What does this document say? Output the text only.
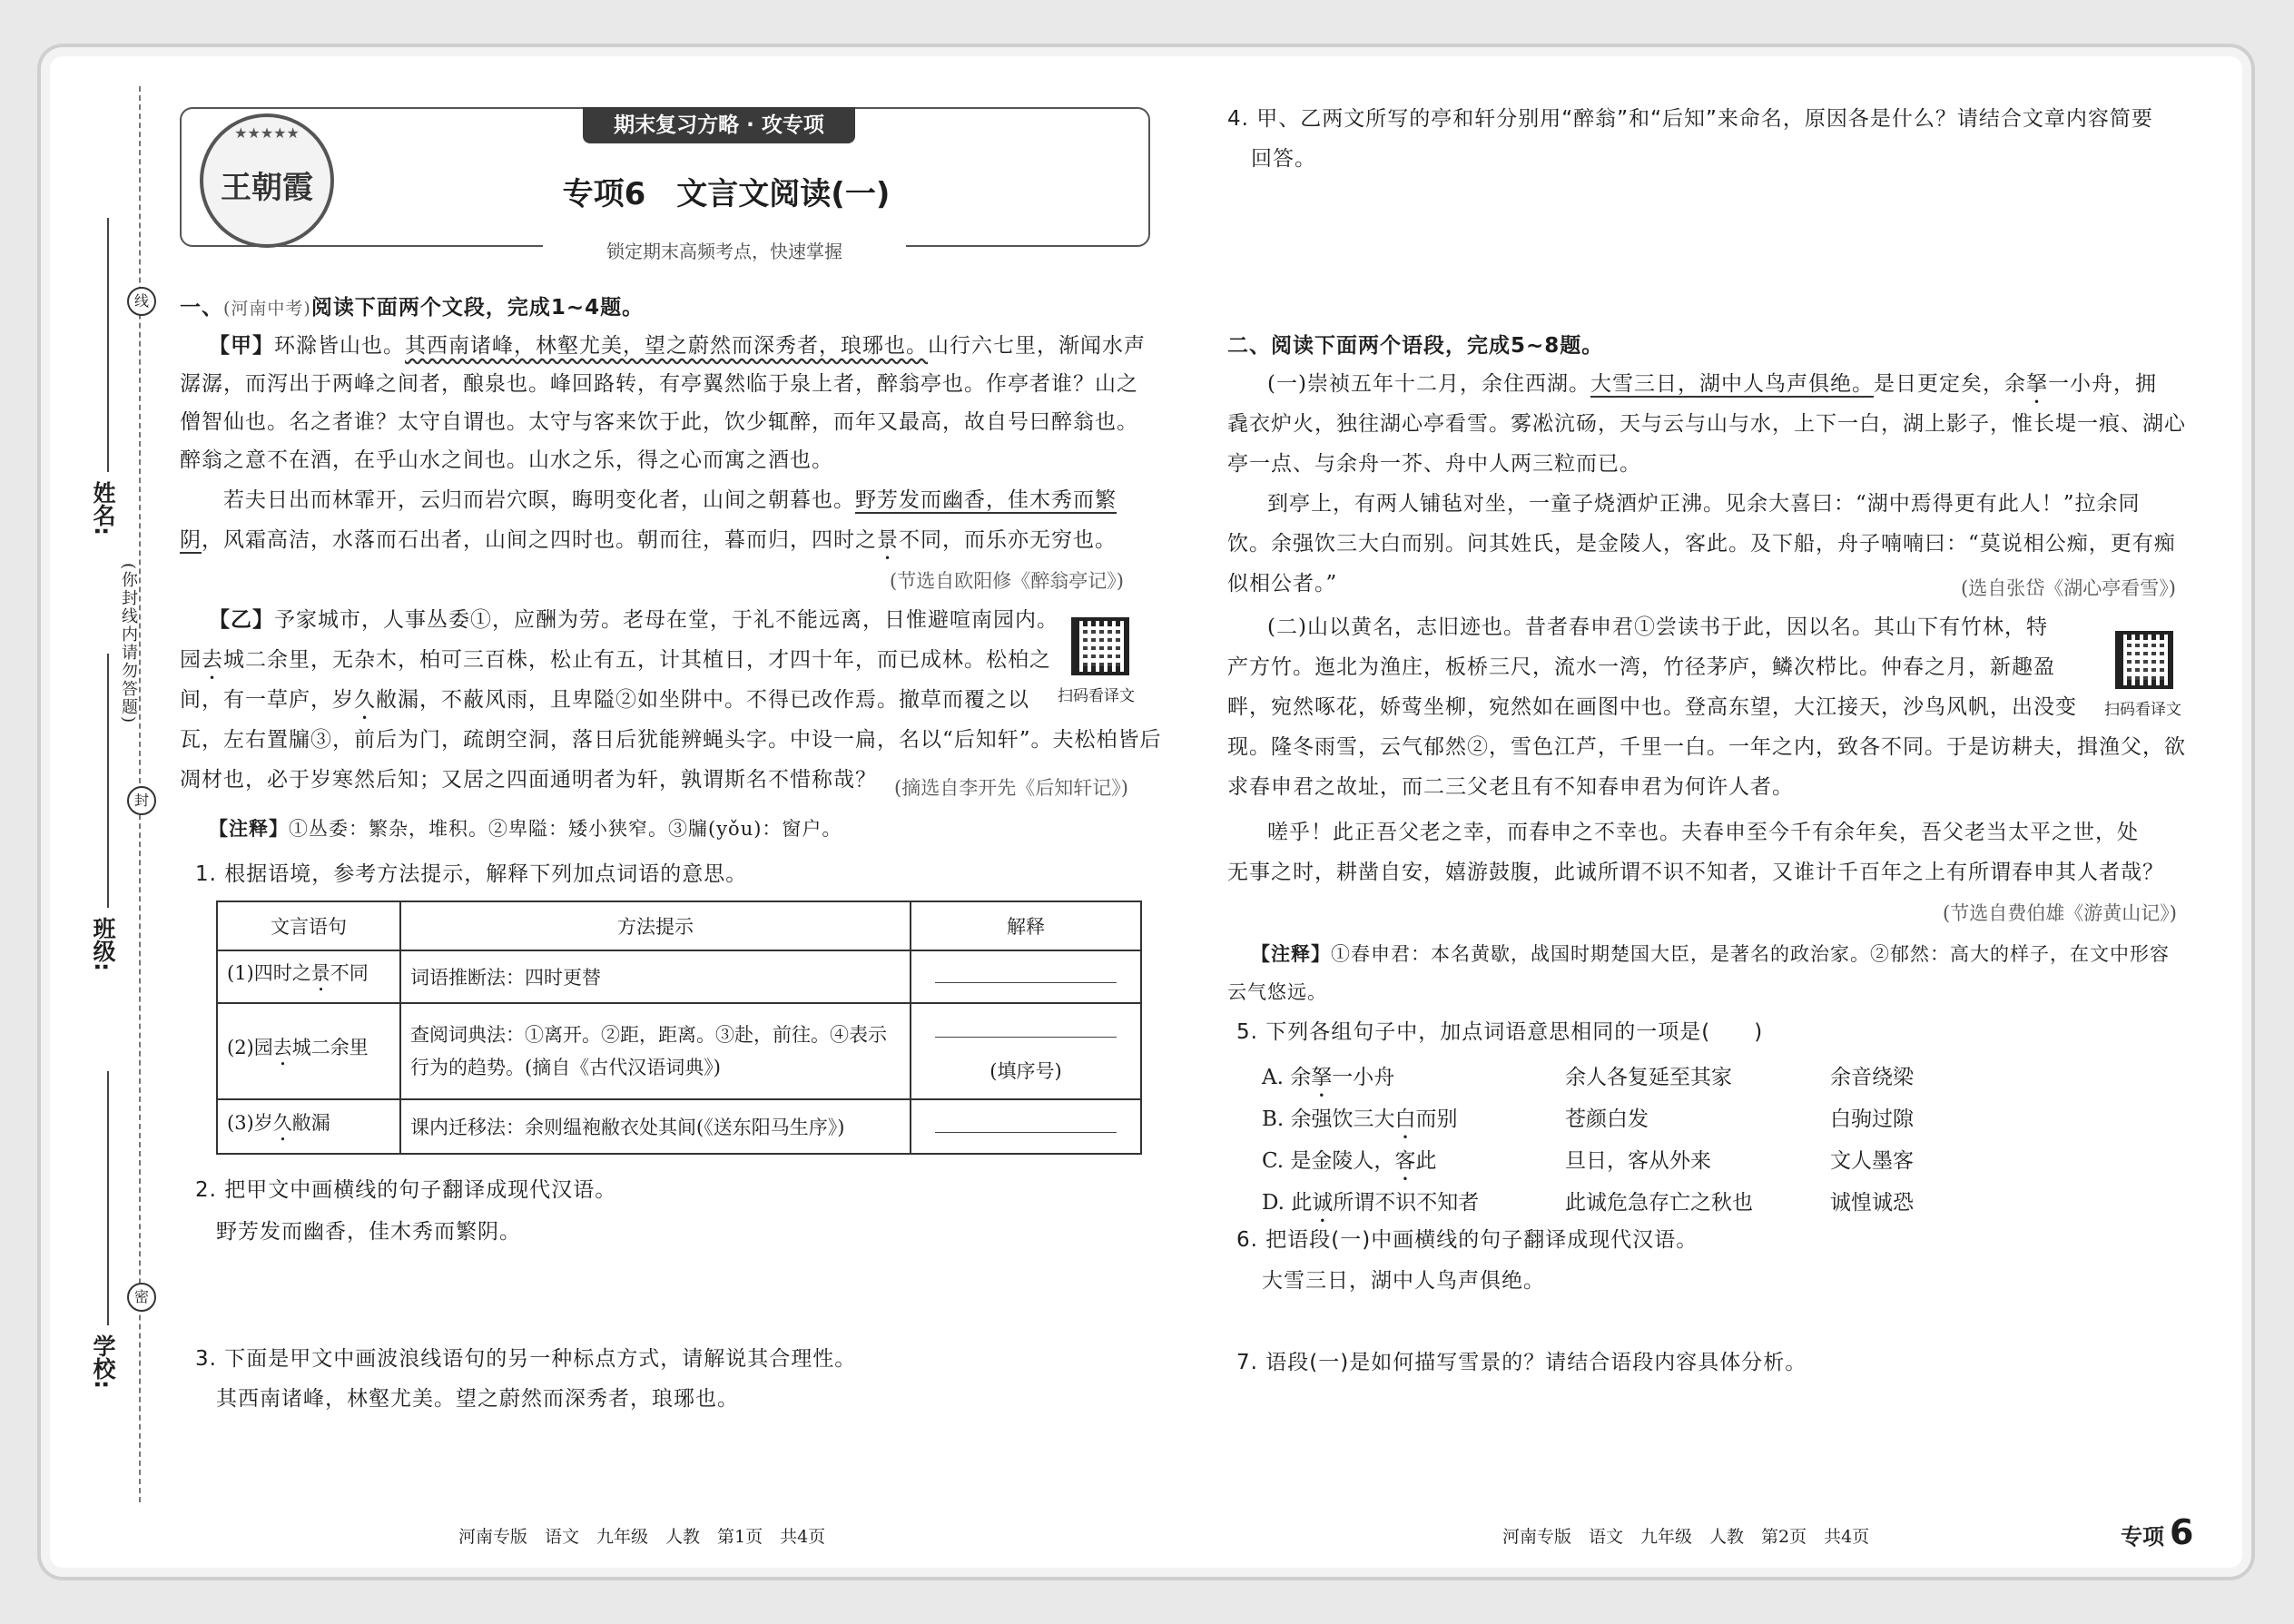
姓名:
班级:
学校:
线
封
密
(你封线内请勿答题)
期末复习方略 · 攻专项
★★★★★
王朝霞	专项6　文言文阅读(一)
锁定期末高频考点，快速掌握
一、(河南中考)阅读下面两个文段，完成1~4题。
【甲】环滁皆山也。其西南诸峰，林壑尤美，望之蔚然而深秀者，琅琊也。山行六七里，渐闻水声
潺潺，而泻出于两峰之间者，酿泉也。峰回路转，有亭翼然临于泉上者，醉翁亭也。作亭者谁？山之
僧智仙也。名之者谁？太守自谓也。太守与客来饮于此，饮少辄醉，而年又最高，故自号曰醉翁也。
醉翁之意不在酒，在乎山水之间也。山水之乐，得之心而寓之酒也。
若夫日出而林霏开，云归而岩穴暝，晦明变化者，山间之朝暮也。野芳发而幽香，佳木秀而繁
阴，风霜高洁，水落而石出者，山间之四时也。朝而往，暮而归，四时之景不同，而乐亦无穷也。
(节选自欧阳修《醉翁亭记》)
【乙】予家城市，人事丛委①，应酬为劳。老母在堂，于礼不能远离，日惟避喧南园内。
园去城二余里，无杂木，柏可三百株，松止有五，计其植日，才四十年，而已成林。松柏之
间，有一草庐，岁久敝漏，不蔽风雨，且卑隘②如坐阱中。不得已改作焉。撤草而覆之以
瓦，左右置牖③，前后为门，疏朗空洞，落日后犹能辨蝇头字。中设一扁，名以“后知轩”。夫松柏皆后
凋材也，必于岁寒然后知；又居之四面通明者为轩，孰谓斯名不惜称哉？ (摘选自李开先《后知轩记》)
扫码看译文
【注释】①丛委：繁杂，堆积。②卑隘：矮小狭窄。③牖(yǒu)：窗户。
1. 根据语境，参考方法提示，解释下列加点词语的意思。
文言语句	方法提示	解释
(1)四时之景不同	词语推断法：四时更替	
(2)园去城二余里	查阅词典法：①离开。②距，距离。③赴，前往。④表示行为的趋势。(摘自《古代汉语词典》)	(填序号)
(3)岁久敝漏	课内迁移法：余则缊袍敝衣处其间(《送东阳马生序》)	
2. 把甲文中画横线的句子翻译成现代汉语。
野芳发而幽香，佳木秀而繁阴。
3. 下面是甲文中画波浪线语句的另一种标点方式，请解说其合理性。
其西南诸峰，林壑尤美。望之蔚然而深秀者，琅琊也。
4. 甲、乙两文所写的亭和轩分别用“醉翁”和“后知”来命名，原因各是什么？请结合文章内容简要
回答。
二、阅读下面两个语段，完成5~8题。
(一)崇祯五年十二月，余住西湖。大雪三日，湖中人鸟声俱绝。是日更定矣，余拏一小舟，拥
毳衣炉火，独往湖心亭看雪。雾凇沆砀，天与云与山与水，上下一白，湖上影子，惟长堤一痕、湖心
亭一点、与余舟一芥、舟中人两三粒而已。
到亭上，有两人铺毡对坐，一童子烧酒炉正沸。见余大喜曰：“湖中焉得更有此人！”拉余同
饮。余强饮三大白而别。问其姓氏，是金陵人，客此。及下船，舟子喃喃曰：“莫说相公痴，更有痴
似相公者。”	(选自张岱《湖心亭看雪》)
(二)山以黄名，志旧迹也。昔者春申君①尝读书于此，因以名。其山下有竹林，特
产方竹。迤北为渔庄，板桥三尺，流水一湾，竹径茅庐，鳞次栉比。仲春之月，新趣盈
畔，宛然啄花，娇莺坐柳，宛然如在画图中也。登高东望，大江接天，沙鸟风帆，出没变
现。隆冬雨雪，云气郁然②，雪色江芦，千里一白。一年之内，致各不同。于是访耕夫，揖渔父，欲
求春申君之故址，而二三父老且有不知春申君为何许人者。
扫码看译文
嗟乎！此正吾父老之幸，而春申之不幸也。夫春申至今千有余年矣，吾父老当太平之世，处
无事之时，耕凿自安，嬉游鼓腹，此诚所谓不识不知者，又谁计千百年之上有所谓春申其人者哉？
(节选自费伯雄《游黄山记》)
【注释】①春申君：本名黄歇，战国时期楚国大臣，是著名的政治家。②郁然：高大的样子，在文中形容
云气悠远。
5. 下列各组句子中，加点词语意思相同的一项是(　　)
A. 余拏一小舟	余人各复延至其家	余音绕梁
B. 余强饮三大白而别	苍颜白发	白驹过隙
C. 是金陵人，客此	旦日，客从外来	文人墨客
D. 此诚所谓不识不知者	此诚危急存亡之秋也	诚惶诚恐
6. 把语段(一)中画横线的句子翻译成现代汉语。
大雪三日，湖中人鸟声俱绝。
7. 语段(一)是如何描写雪景的？请结合语段内容具体分析。
河南专版　语文　九年级　人教　第1页　共4页	河南专版　语文　九年级　人教　第2页　共4页	专项 6
